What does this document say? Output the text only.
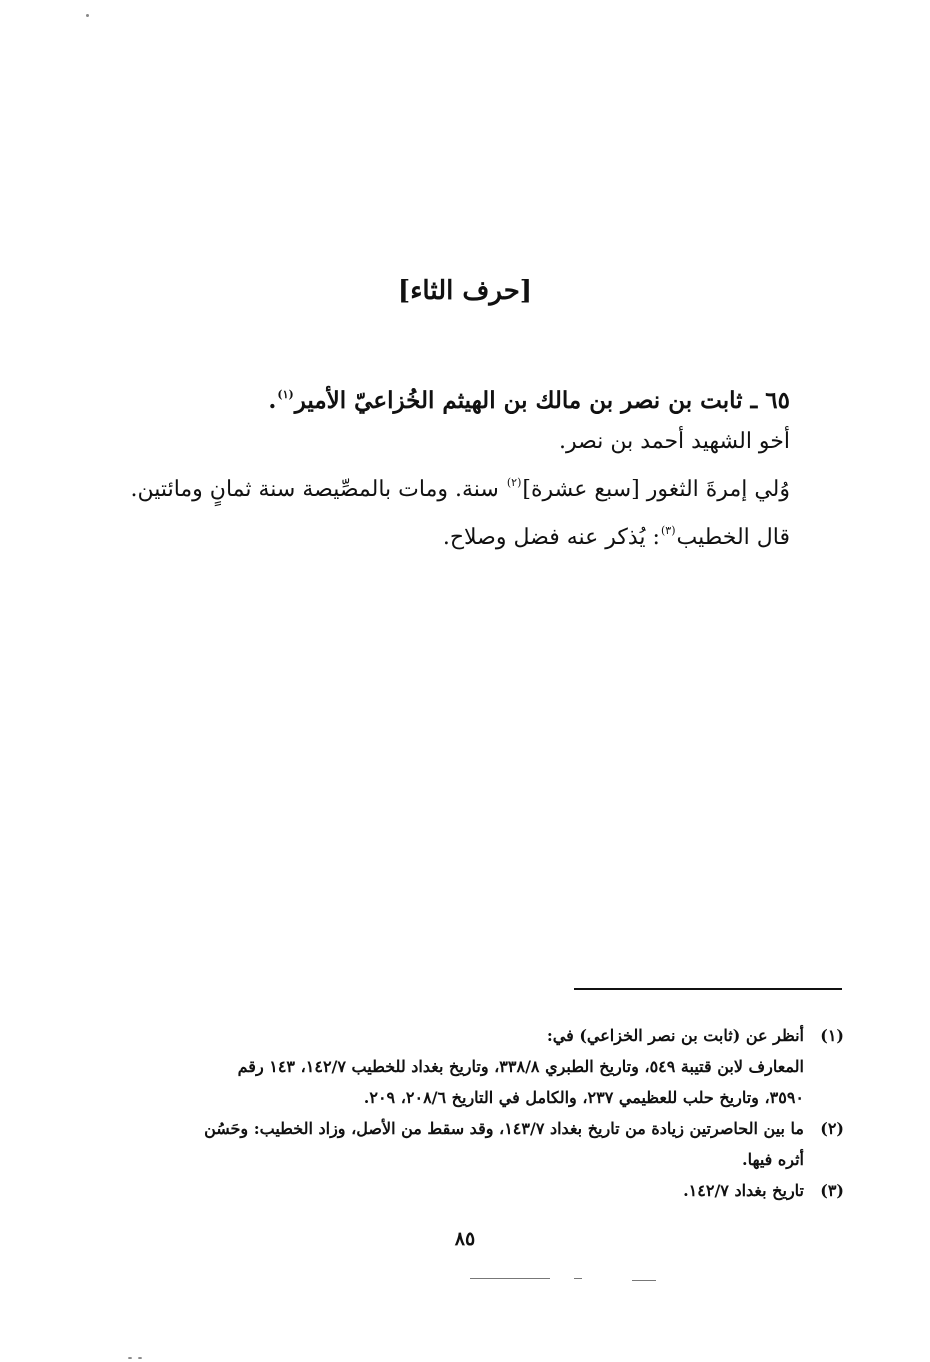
[حرف الثاء]
٦٥ ـ ثابت بن نصر بن مالك بن الهيثم الخُزاعيّ الأمير$^{(١)}$.
أخو الشهيد أحمد بن نصر.
وُلي إمرةَ الثغور [سبع عشرة]$^{(٢)}$ سنة. ومات بالمصِّيصة سنة ثمانٍ ومائتين.
قال الخطيب$^{(٣)}$: يُذكر عنه فضل وصلاح.
(١)
أنظر عن (ثابت بن نصر الخزاعي) في:
المعارف لابن قتيبة ٥٤٩، وتاريخ الطبري ٣٣٨/٨، وتاريخ بغداد للخطيب ١٤٢/٧، ١٤٣ رقم
٣٥٩٠، وتاريخ حلب للعظيمي ٢٣٧، والكامل في التاريخ ٢٠٨/٦، ٢٠٩.
(٢)
ما بين الحاصرتين زيادة من تاريخ بغداد ١٤٣/٧، وقد سقط من الأصل، وزاد الخطيب: وحَسُن
أثره فيها.
(٣)
تاريخ بغداد ١٤٢/٧.
٨٥
